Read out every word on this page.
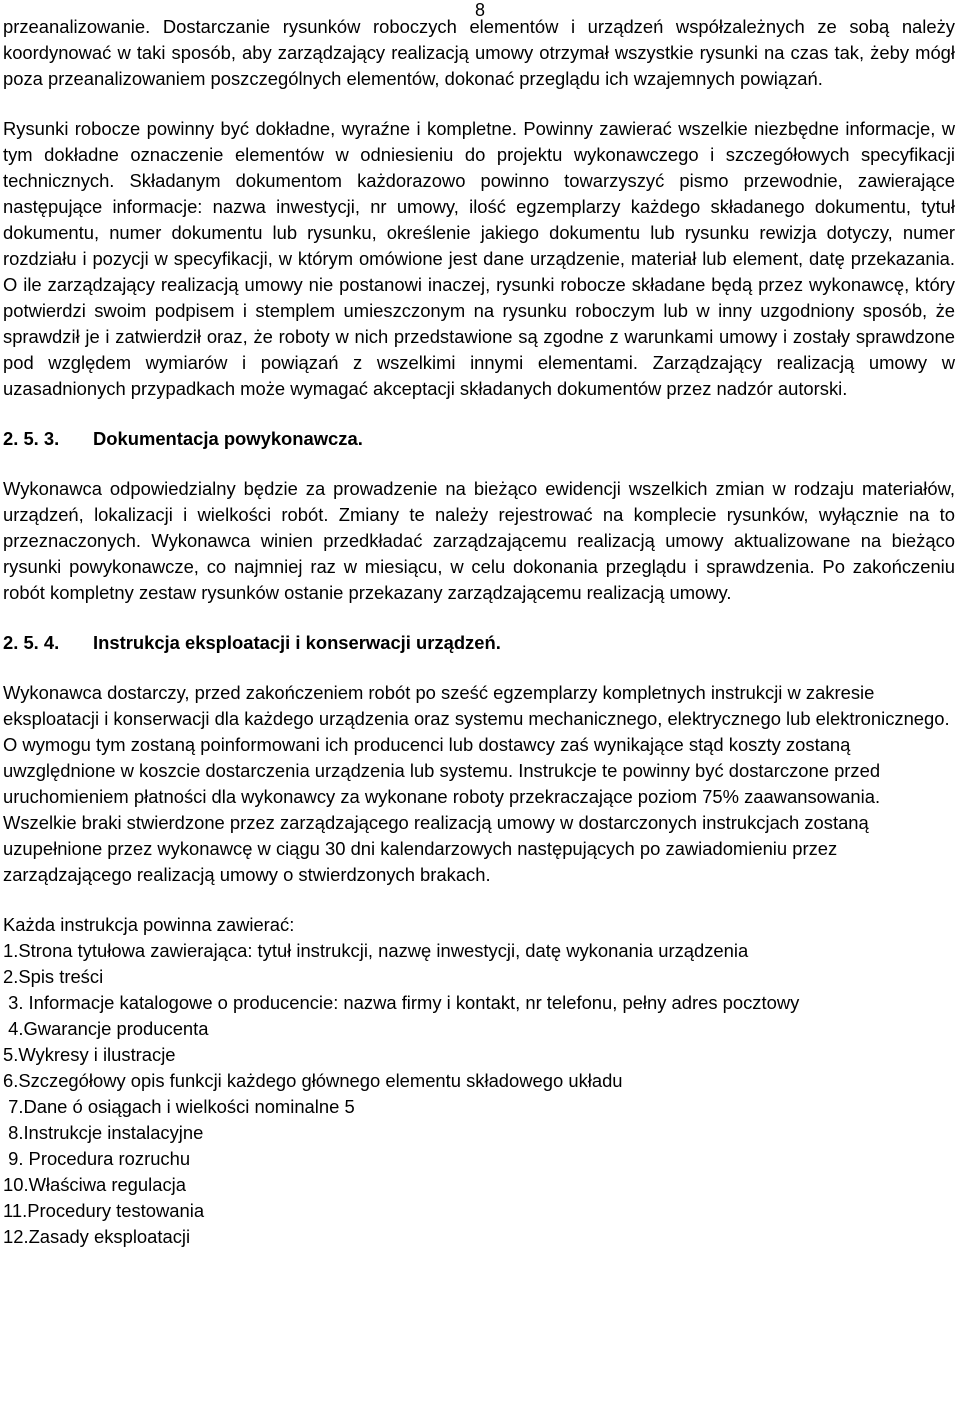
8

przeanalizowanie. Dostarczanie rysunków roboczych elementów i urządzeń współzależnych ze sobą należy koordynować w taki sposób, aby zarządzający realizacją umowy otrzymał wszystkie rysunki na czas tak, żeby mógł poza przeanalizowaniem poszczególnych elementów, dokonać przeglądu ich wzajemnych powiązań.

Rysunki robocze powinny być dokładne, wyraźne i kompletne. Powinny zawierać wszelkie niezbędne informacje, w tym dokładne oznaczenie elementów w odniesieniu do projektu wykonawczego i szczegółowych specyfikacji technicznych. Składanym dokumentom każdorazowo powinno towarzyszyć pismo przewodnie, zawierające następujące informacje: nazwa inwestycji, nr umowy, ilość egzemplarzy każdego składanego dokumentu, tytuł dokumentu, numer dokumentu lub rysunku, określenie jakiego dokumentu lub rysunku rewizja dotyczy, numer rozdziału i pozycji w specyfikacji, w którym omówione jest dane urządzenie, materiał lub element, datę przekazania. O ile zarządzający realizacją umowy nie postanowi inaczej, rysunki robocze składane będą przez wykonawcę, który potwierdzi swoim podpisem i stemplem umieszczonym na rysunku roboczym lub w inny uzgodniony sposób, że sprawdził je i zatwierdził oraz, że roboty w nich przedstawione są zgodne z warunkami umowy i zostały sprawdzone pod względem wymiarów i powiązań z wszelkimi innymi elementami. Zarządzający realizacją umowy w uzasadnionych przypadkach może wymagać akceptacji składanych dokumentów przez nadzór autorski.

2. 5. 3.	Dokumentacja powykonawcza.

Wykonawca odpowiedzialny będzie za prowadzenie na bieżąco ewidencji wszelkich zmian w rodzaju materiałów, urządzeń, lokalizacji i wielkości robót. Zmiany te należy rejestrować na komplecie rysunków, wyłącznie na to przeznaczonych. Wykonawca winien przedkładać zarządzającemu realizacją umowy aktualizowane na bieżąco rysunki powykonawcze, co najmniej raz w miesiącu, w celu dokonania przeglądu i sprawdzenia. Po zakończeniu robót kompletny zestaw rysunków ostanie przekazany zarządzającemu realizacją umowy.

2. 5. 4.	Instrukcja eksploatacji i konserwacji urządzeń.

Wykonawca dostarczy, przed zakończeniem robót po sześć egzemplarzy kompletnych instrukcji w zakresie eksploatacji i konserwacji dla każdego urządzenia oraz systemu mechanicznego, elektrycznego lub elektronicznego. O wymogu tym zostaną poinformowani ich producenci lub dostawcy zaś wynikające stąd koszty zostaną uwzględnione w koszcie dostarczenia urządzenia lub systemu. Instrukcje te powinny być dostarczone przed uruchomieniem płatności dla wykonawcy za wykonane roboty przekraczające poziom 75% zaawansowania. Wszelkie braki stwierdzone przez zarządzającego realizacją umowy w dostarczonych instrukcjach zostaną uzupełnione przez wykonawcę w ciągu 30 dni kalendarzowych następujących po zawiadomieniu przez zarządzającego realizacją umowy o stwierdzonych brakach.

Każda instrukcja powinna zawierać:

1.Strona tytułowa zawierająca: tytuł instrukcji, nazwę inwestycji, datę wykonania urządzenia
2.Spis treści
3. Informacje katalogowe o producencie: nazwa firmy i kontakt, nr telefonu, pełny adres pocztowy
4.Gwarancje producenta
5.Wykresy i ilustracje
6.Szczegółowy opis funkcji każdego głównego elementu składowego układu
7.Dane ó osiągach i wielkości nominalne 5
8.Instrukcje instalacyjne
9. Procedura rozruchu
10.Właściwa regulacja
11.Procedury testowania
12.Zasady eksploatacji
